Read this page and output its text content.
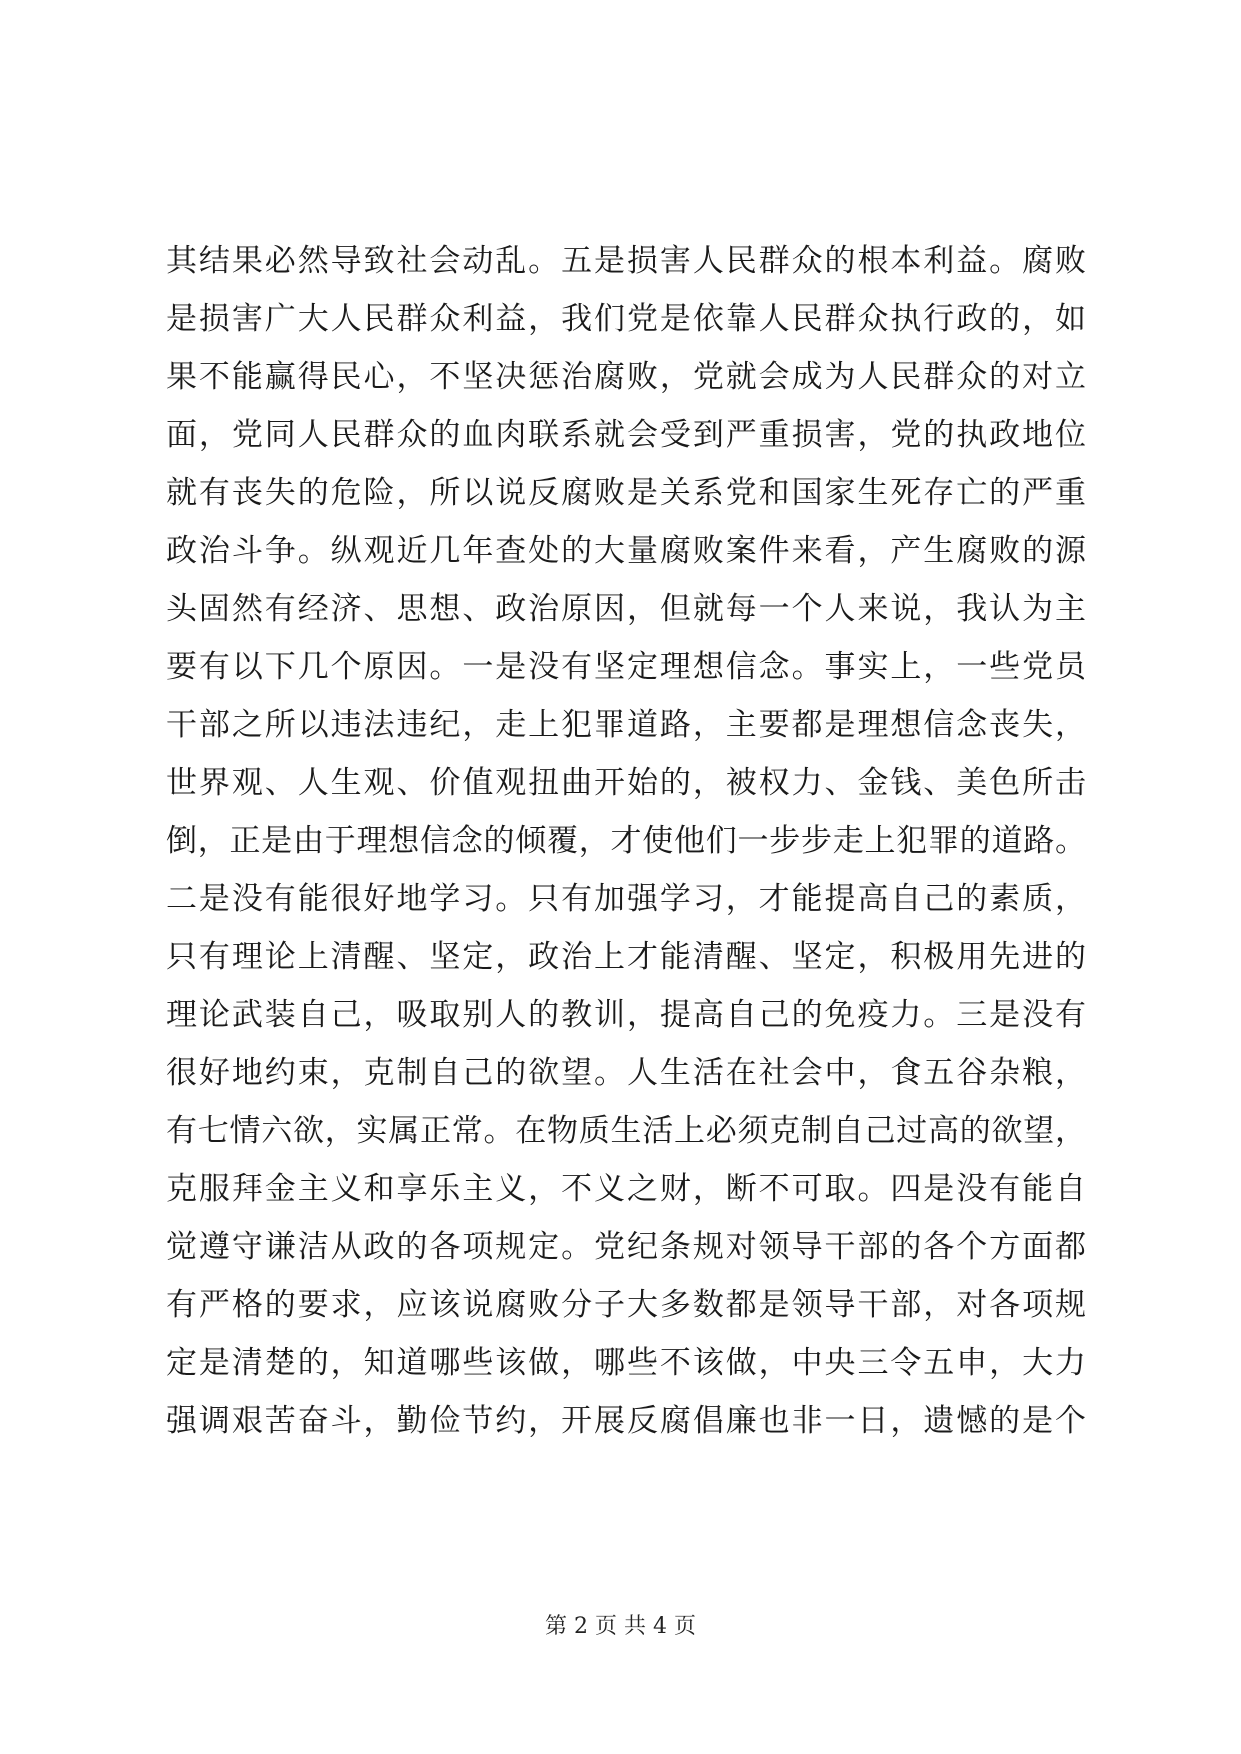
其结果必然导致社会动乱。五是损害人民群众的根本利益。腐败
是损害广大人民群众利益，我们党是依靠人民群众执行政的，如
果不能赢得民心，不坚决惩治腐败，党就会成为人民群众的对立
面，党同人民群众的血肉联系就会受到严重损害，党的执政地位
就有丧失的危险，所以说反腐败是关系党和国家生死存亡的严重
政治斗争。纵观近几年查处的大量腐败案件来看，产生腐败的源
头固然有经济、思想、政治原因，但就每一个人来说，我认为主
要有以下几个原因。一是没有坚定理想信念。事实上，一些党员
干部之所以违法违纪，走上犯罪道路，主要都是理想信念丧失，
世界观、人生观、价值观扭曲开始的，被权力、金钱、美色所击
倒，正是由于理想信念的倾覆，才使他们一步步走上犯罪的道路。
二是没有能很好地学习。只有加强学习，才能提高自己的素质，
只有理论上清醒、坚定，政治上才能清醒、坚定，积极用先进的
理论武装自己，吸取别人的教训，提高自己的免疫力。三是没有
很好地约束，克制自己的欲望。人生活在社会中，食五谷杂粮，
有七情六欲，实属正常。在物质生活上必须克制自己过高的欲望，
克服拜金主义和享乐主义，不义之财，断不可取。四是没有能自
觉遵守谦洁从政的各项规定。党纪条规对领导干部的各个方面都
有严格的要求，应该说腐败分子大多数都是领导干部，对各项规
定是清楚的，知道哪些该做，哪些不该做，中央三令五申，大力
强调艰苦奋斗，勤俭节约，开展反腐倡廉也非一日，遗憾的是个
第 2 页 共 4 页
